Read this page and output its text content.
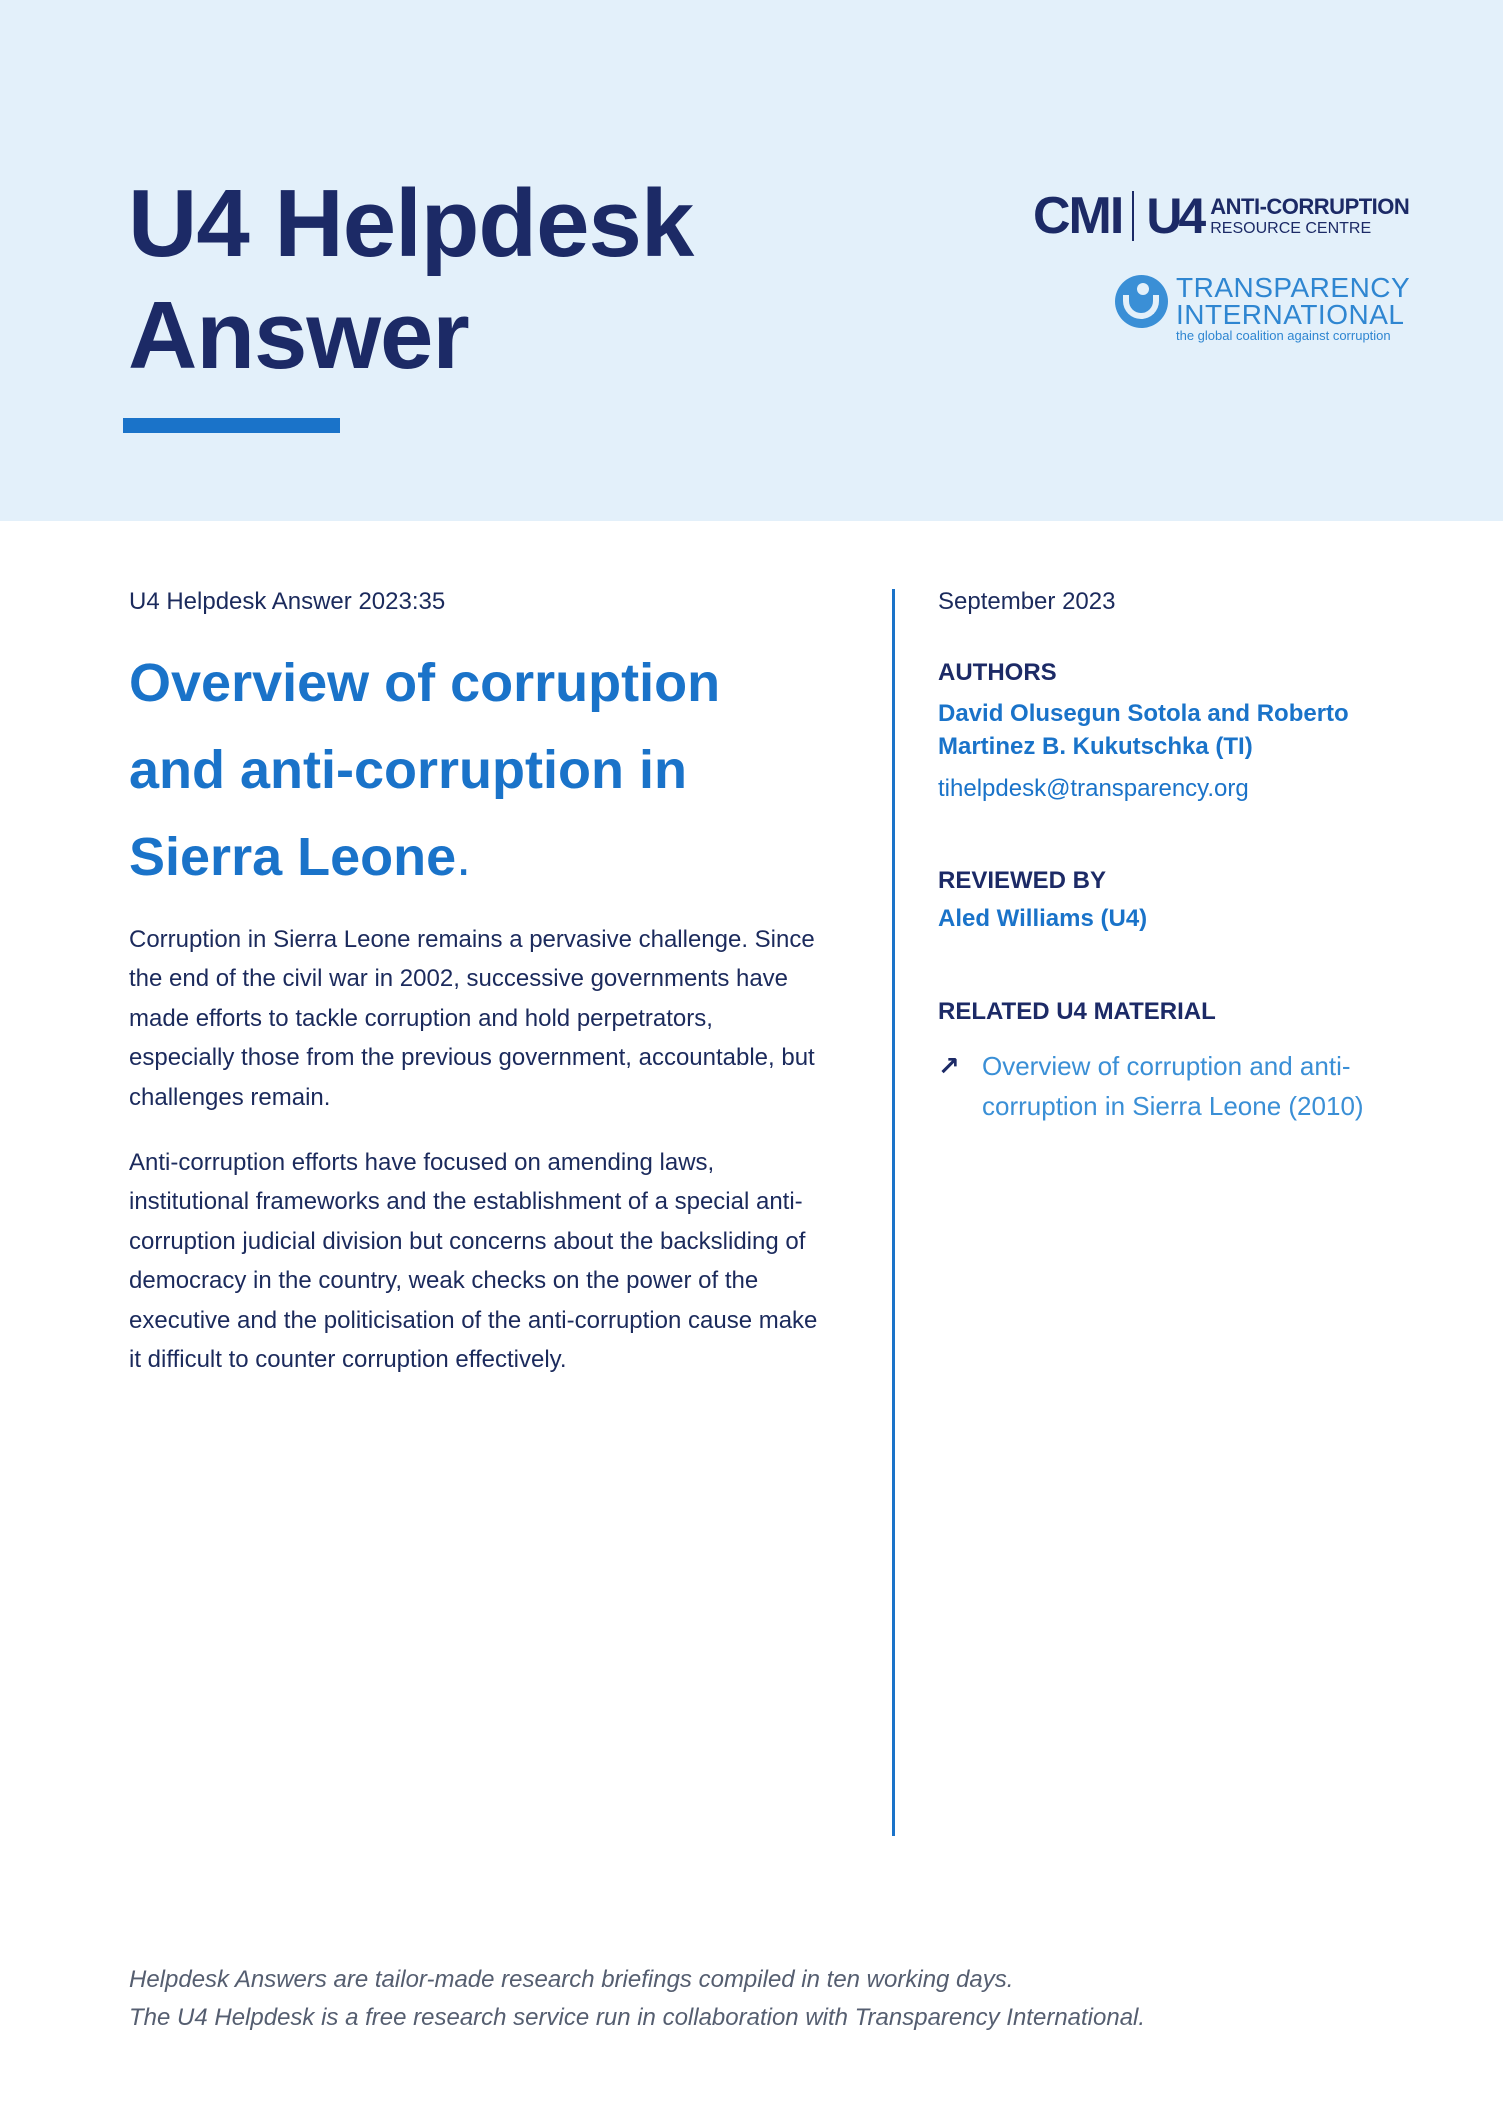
U4 Helpdesk
Answer
CMI U4 ANTI-CORRUPTION
RESOURCE CENTRE
TRANSPARENCY
INTERNATIONAL
the global coalition against corruption
U4 Helpdesk Answer 2023:35
Overview of corruption and anti-corruption in Sierra Leone.

Corruption in Sierra Leone remains a pervasive challenge. Since the end of the civil war in 2002, successive governments have made efforts to tackle corruption and hold perpetrators, especially those from the previous government, accountable, but challenges remain.

Anti-corruption efforts have focused on amending laws, institutional frameworks and the establishment of a special anti-corruption judicial division but concerns about the backsliding of democracy in the country, weak checks on the power of the executive and the politicisation of the anti-corruption cause make it difficult to counter corruption effectively.

September 2023
AUTHORS
David Olusegun Sotola and Roberto Martinez B. Kukutschka (TI)
tihelpdesk@transparency.org
REVIEWED BY
Aled Williams (U4)
RELATED U4 MATERIAL
↗ Overview of corruption and anti-corruption in Sierra Leone (2010)
Helpdesk Answers are tailor-made research briefings compiled in ten working days.
The U4 Helpdesk is a free research service run in collaboration with Transparency International.
